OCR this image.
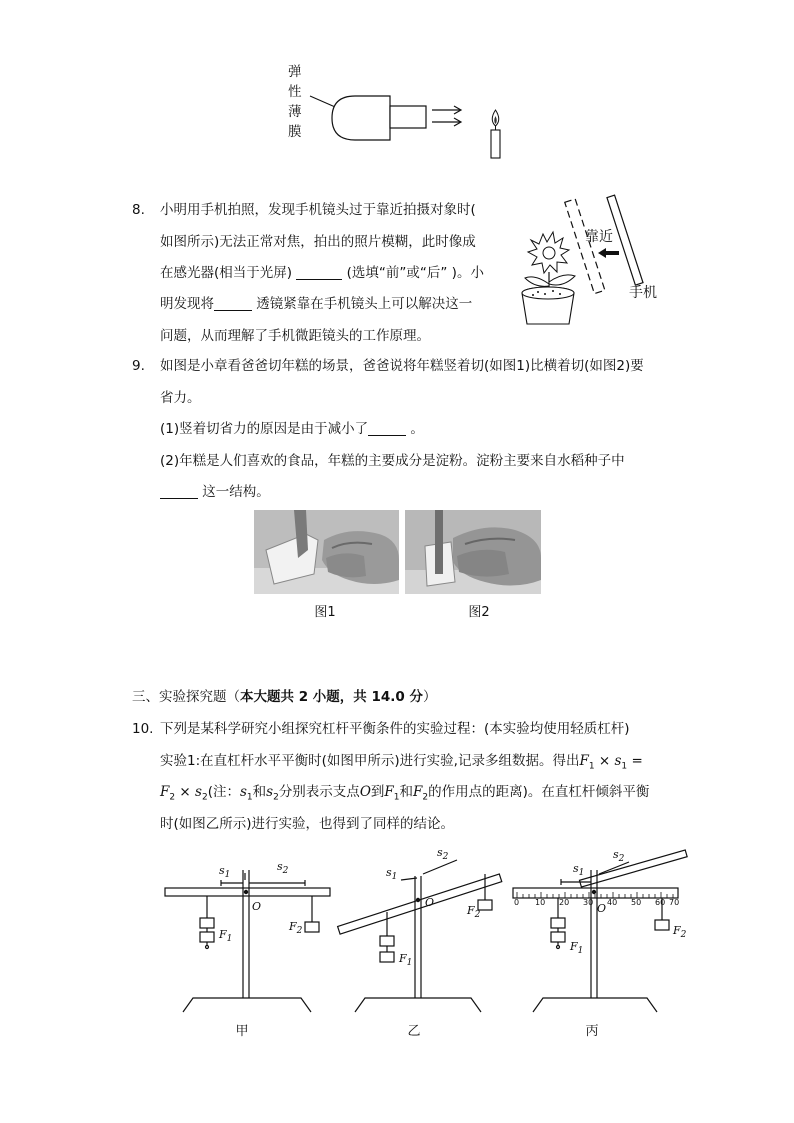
弹
性
薄
膜
8.	小明用手机拍照，发现手机镜头过于靠近拍摄对象时(
如图所示)无法正常对焦，拍出的照片模糊，此时像成
在感光器(相当于光屏)	(选填“前”或“后” )。小
明发现将	透镜紧靠在手机镜头上可以解决这一
问题，从而理解了手机微距镜头的工作原理。
靠近
手机
9.	如图是小章看爸爸切年糕的场景，爸爸说将年糕竖着切(如图1)比横着切(如图2)要
省力。
(1)竖着切省力的原因是由于减小了	。
(2)年糕是人们喜欢的食品，年糕的主要成分是淀粉。淀粉主要来自水稻种子中
这一结构。
图1	图2
三、实验探究题（本大题共 2 小题，共 14.0 分）
10. 下列是某科学研究小组探究杠杆平衡条件的实验过程：(本实验均使用轻质杠杆)
实验1:在直杠杆水平平衡时(如图甲所示)进行实验,记录多组数据。得出$F_1 \times s_1$ =
$F_2 \times s_2$(注：$s_1$和$s_2$分别表示支点O到$F_1$和$F_2$的作用点的距离)。在直杠杆倾斜平衡
时(如图乙所示)进行实验，也得到了同样的结论。
$s_1$
$s_2$
O
$F_1$
$F_2$
$s_1$
$s_2$
O
$F_1$
$F_2$
$s_1$
$s_2$
O
$F_1$
$F_2$
0 10 20 30 40 50 60 70
甲	乙	丙
